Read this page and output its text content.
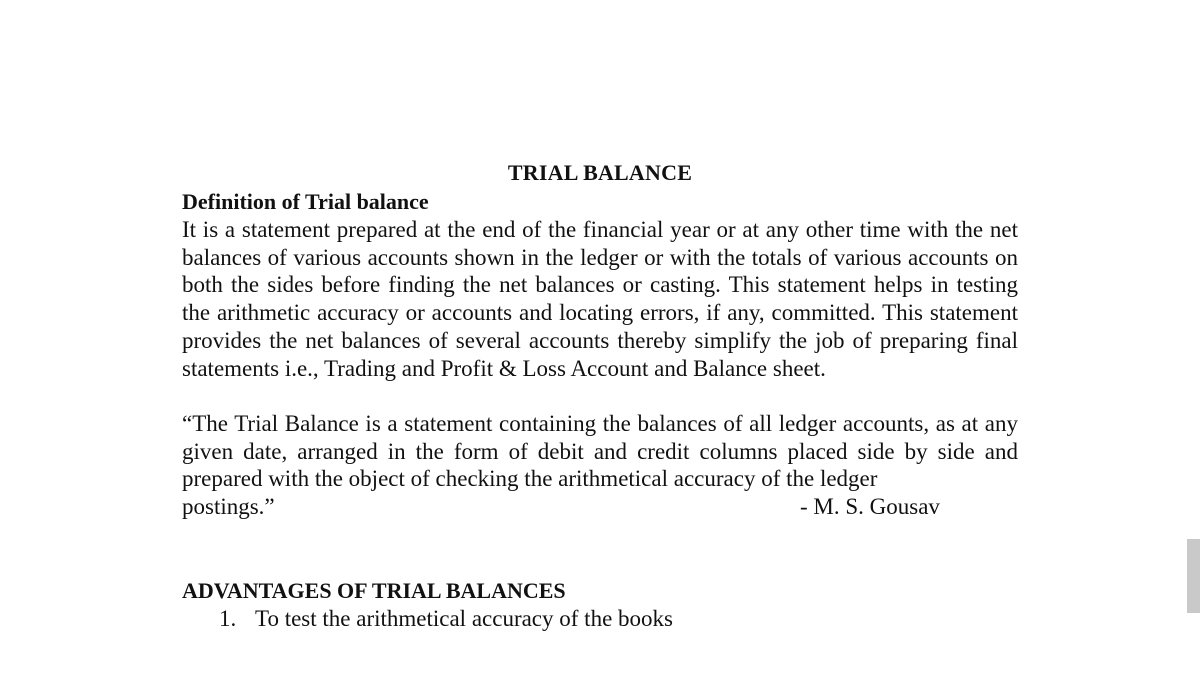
TRIAL BALANCE
Definition of Trial balance

It is a statement prepared at the end of the financial year or at any other time with the net balances of various accounts shown in the ledger or with the totals of various accounts on both the sides before finding the net balances or casting. This statement helps in testing the arithmetic accuracy or accounts and locating errors, if any, committed. This statement provides the net balances of several accounts thereby simplify the job of preparing final statements i.e., Trading and Profit & Loss Account and Balance sheet.

“The Trial Balance is a statement containing the balances of all ledger accounts, as at any given date, arranged in the form of debit and credit columns placed side by side and prepared with the object of checking the arithmetical accuracy of the ledger

postings.”	- M. S. Gousav
ADVANTAGES OF TRIAL BALANCES
1. To test the arithmetical accuracy of the books
